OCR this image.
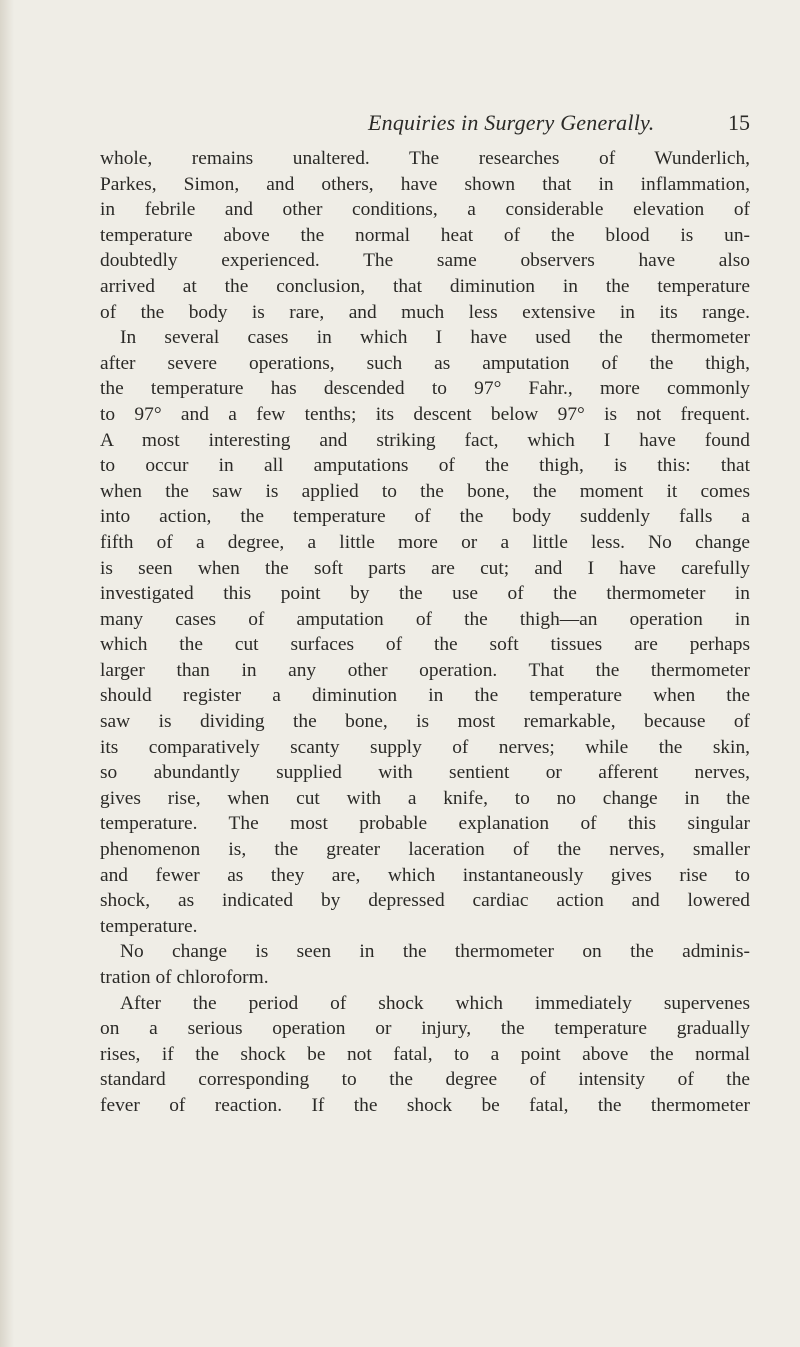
Enquiries in Surgery Generally.	15
whole, remains unaltered. The researches of Wunderlich,
Parkes, Simon, and others, have shown that in inflammation,
in febrile and other conditions, a considerable elevation of
temperature above the normal heat of the blood is un-
doubtedly experienced. The same observers have also
arrived at the conclusion, that diminution in the temperature
of the body is rare, and much less extensive in its range.
In several cases in which I have used the thermometer
after severe operations, such as amputation of the thigh,
the temperature has descended to 97° Fahr., more commonly
to 97° and a few tenths; its descent below 97° is not frequent.
A most interesting and striking fact, which I have found
to occur in all amputations of the thigh, is this: that
when the saw is applied to the bone, the moment it comes
into action, the temperature of the body suddenly falls a
fifth of a degree, a little more or a little less. No change
is seen when the soft parts are cut; and I have carefully
investigated this point by the use of the thermometer in
many cases of amputation of the thigh—an operation in
which the cut surfaces of the soft tissues are perhaps
larger than in any other operation. That the thermometer
should register a diminution in the temperature when the
saw is dividing the bone, is most remarkable, because of
its comparatively scanty supply of nerves; while the skin,
so abundantly supplied with sentient or afferent nerves,
gives rise, when cut with a knife, to no change in the
temperature. The most probable explanation of this singular
phenomenon is, the greater laceration of the nerves, smaller
and fewer as they are, which instantaneously gives rise to
shock, as indicated by depressed cardiac action and lowered
temperature.
No change is seen in the thermometer on the adminis-
tration of chloroform.
After the period of shock which immediately supervenes
on a serious operation or injury, the temperature gradually
rises, if the shock be not fatal, to a point above the normal
standard corresponding to the degree of intensity of the
fever of reaction. If the shock be fatal, the thermometer
